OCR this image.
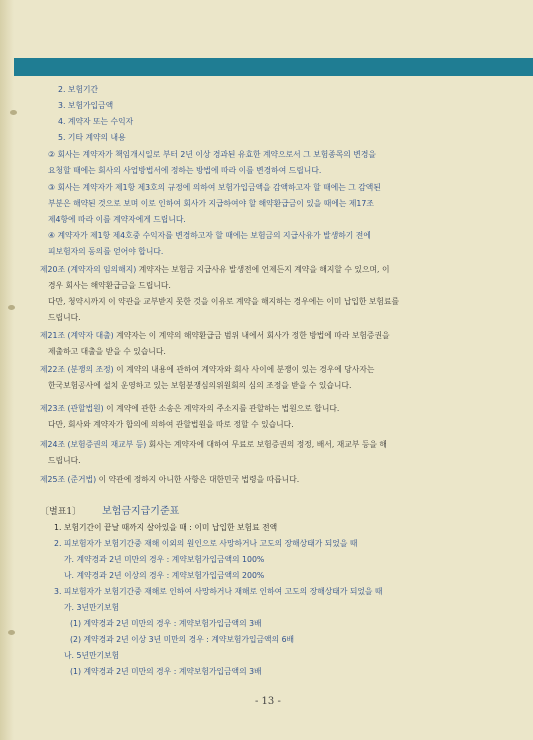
2. 보험기간
3. 보험가입금액
4. 계약자 또는 수익자
5. 기타 계약의 내용
② 회사는 계약자가 책임개시일로 부터 2년 이상 경과된 유효한 계약으로서 그 보험종목의 변경을
요청할 때에는 회사의 사업방법서에 정하는 방법에 따라 이를 변경하여 드립니다.
③ 회사는 계약자가 제1항 제3호의 규정에 의하여 보험가입금액을 감액하고자 할 때에는 그 감액된
부분은 해약된 것으로 보며 이로 인하여 회사가 지급하여야 할 해약환급금이 있을 때에는 제17조
제4항에 따라 이를 계약자에게 드립니다.
④ 계약자가 제1항 제4호중 수익자를 변경하고자 할 때에는 보험금의 지급사유가 발생하기 전에
피보험자의 동의를 얻어야 합니다.
제20조 (계약자의 임의해지) 계약자는 보험금 지급사유 발생전에 언제든지 계약을 해지할 수 있으며, 이
경우 회사는 해약환급금을 드립니다.
다만, 청약시까지 이 약관을 교부받지 못한 것을 이유로 계약을 해지하는 경우에는 이미 납입한 보험료를
드립니다.
제21조 (계약자 대출) 계약자는 이 계약의 해약환급금 범위 내에서 회사가 정한 방법에 따라 보험증권을
제출하고 대출을 받을 수 있습니다.
제22조 (분쟁의 조정) 이 계약의 내용에 관하여 계약자와 회사 사이에 분쟁이 있는 경우에 당사자는
한국보험공사에 설치 운영하고 있는 보험분쟁심의위원회의 심의 조정을 받을 수 있습니다.
제23조 (관할법원) 이 계약에 관한 소송은 계약자의 주소지를 관할하는 법원으로 합니다.
다만, 회사와 계약자가 합의에 의하여 관할법원을 따로 정할 수 있습니다.
제24조 (보험증권의 재교부 등) 회사는 계약자에 대하여 무료로 보험증권의 정정, 배서, 재교부 등을 해
드립니다.
제25조 (준거법) 이 약관에 정하지 아니한 사항은 대한민국 법령을 따릅니다.
〔별표1〕 보험금지급기준표
1. 보험기간이 끝날 때까지 살아있을 때 : 이미 납입한 보험료 전액
2. 피보험자가 보험기간중 재해 이외의 원인으로 사망하거나 고도의 장해상태가 되었을 때
가. 계약경과 2년 미만의 경우 : 계약보험가입금액의 100%
나. 계약경과 2년 이상의 경우 : 계약보험가입금액의 200%
3. 피보험자가 보험기간중 재해로 인하여 사망하거나 재해로 인하여 고도의 장해상태가 되었을 때
가. 3년만기보험
(1) 계약경과 2년 미만의 경우 : 계약보험가입금액의 3배
(2) 계약경과 2년 이상 3년 미만의 경우 : 계약보험가입금액의 6배
나. 5년만기보험
(1) 계약경과 2년 미만의 경우 : 계약보험가입금액의 3배
- 13 -
